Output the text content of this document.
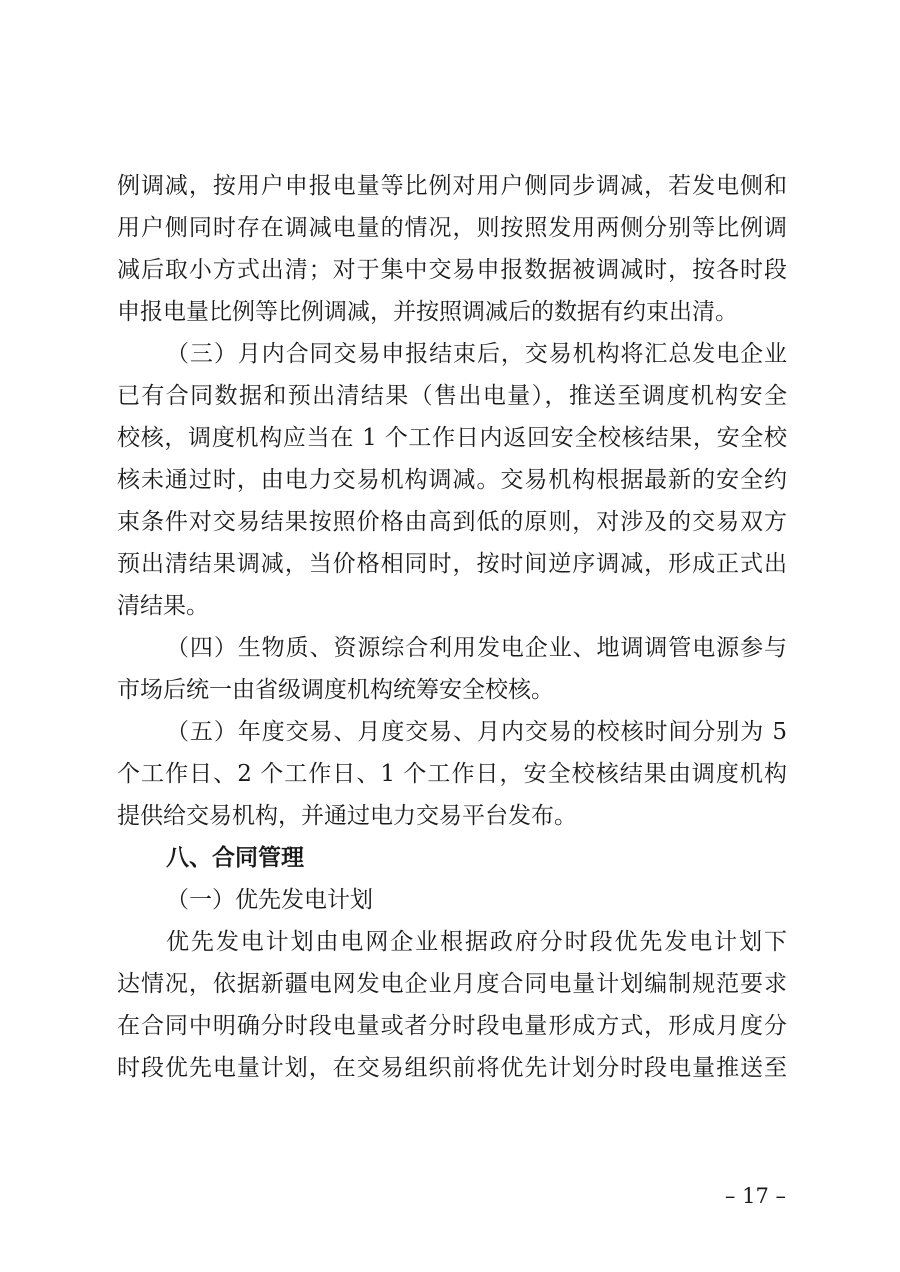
例调减，按用户申报电量等比例对用户侧同步调减，若发电侧和
用户侧同时存在调减电量的情况，则按照发用两侧分别等比例调
减后取小方式出清；对于集中交易申报数据被调减时，按各时段
申报电量比例等比例调减，并按照调减后的数据有约束出清。
（三）月内合同交易申报结束后，交易机构将汇总发电企业
已有合同数据和预出清结果（售出电量），推送至调度机构安全
校核，调度机构应当在 1 个工作日内返回安全校核结果，安全校
核未通过时，由电力交易机构调减。交易机构根据最新的安全约
束条件对交易结果按照价格由高到低的原则，对涉及的交易双方
预出清结果调减，当价格相同时，按时间逆序调减，形成正式出
清结果。
（四）生物质、资源综合利用发电企业、地调调管电源参与
市场后统一由省级调度机构统筹安全校核。
（五）年度交易、月度交易、月内交易的校核时间分别为 5
个工作日、2 个工作日、1 个工作日，安全校核结果由调度机构
提供给交易机构，并通过电力交易平台发布。
八、合同管理
（一）优先发电计划
优先发电计划由电网企业根据政府分时段优先发电计划下
达情况，依据新疆电网发电企业月度合同电量计划编制规范要求
在合同中明确分时段电量或者分时段电量形成方式，形成月度分
时段优先电量计划，在交易组织前将优先计划分时段电量推送至
– 17 –
